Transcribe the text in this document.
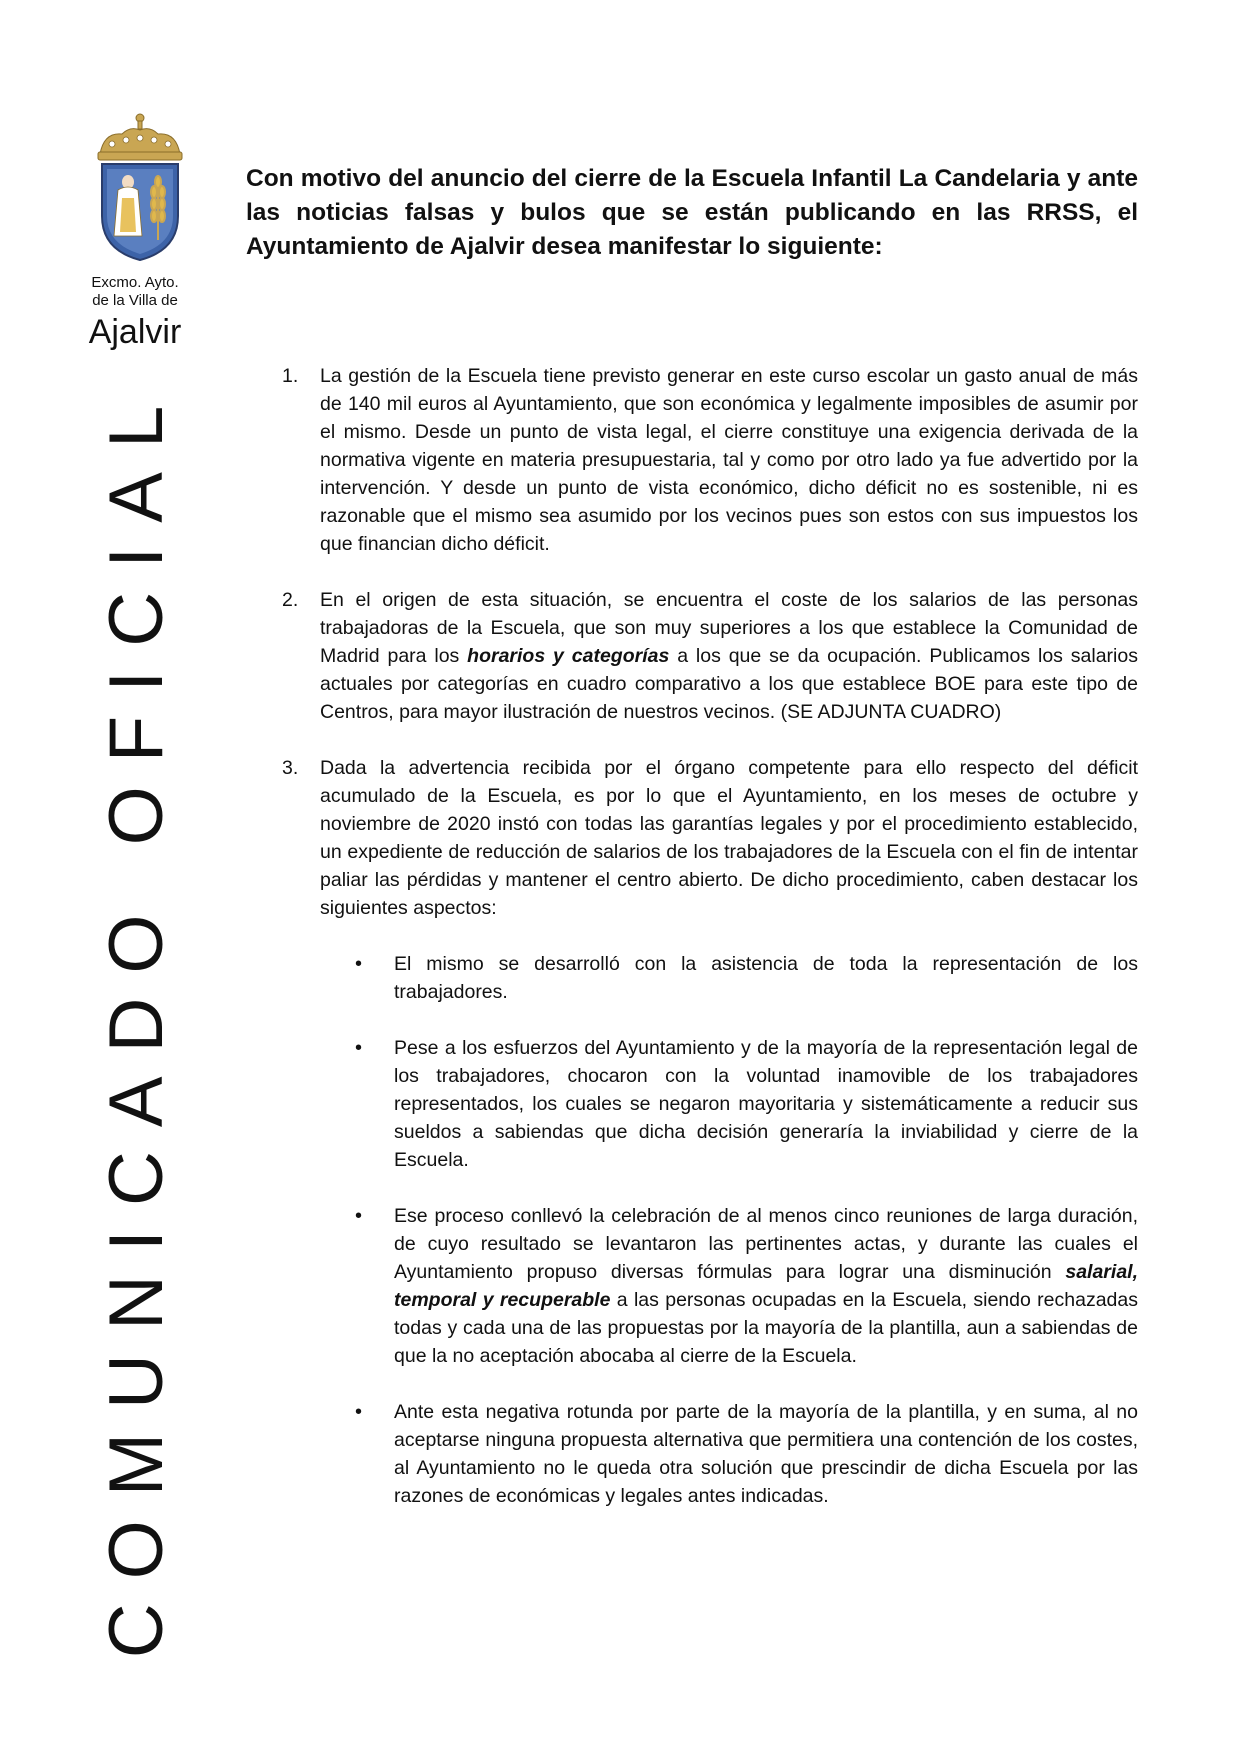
Excmo. Ayto.
de la Villa de
Ajalvir
COMUNICADO OFICIAL
Con motivo del anuncio del cierre de la Escuela Infantil La Candelaria y ante las noticias falsas y bulos que se están publicando en las RRSS, el Ayuntamiento de Ajalvir desea manifestar lo siguiente:
1. La gestión de la Escuela tiene previsto generar en este curso escolar un gasto anual de más de 140 mil euros al Ayuntamiento, que son económica y legalmente imposibles de asumir por el mismo. Desde un punto de vista legal, el cierre constituye una exigencia derivada de la normativa vigente en materia presupuestaria, tal y como por otro lado ya fue advertido por la intervención. Y desde un punto de vista económico, dicho déficit no es sostenible, ni es razonable que el mismo sea asumido por los vecinos pues son estos con sus impuestos los que financian dicho déficit.
2. En el origen de esta situación, se encuentra el coste de los salarios de las personas trabajadoras de la Escuela, que son muy superiores a los que establece la Comunidad de Madrid para los horarios y categorías a los que se da ocupación. Publicamos los salarios actuales por categorías en cuadro comparativo a los que establece BOE para este tipo de Centros, para mayor ilustración de nuestros vecinos. (SE ADJUNTA CUADRO)
3. Dada la advertencia recibida por el órgano competente para ello respecto del déficit acumulado de la Escuela, es por lo que el Ayuntamiento, en los meses de octubre y noviembre de 2020 instó con todas las garantías legales y por el procedimiento establecido, un expediente de reducción de salarios de los trabajadores de la Escuela con el fin de intentar paliar las pérdidas y mantener el centro abierto. De dicho procedimiento, caben destacar los siguientes aspectos:
• El mismo se desarrolló con la asistencia de toda la representación de los trabajadores.
• Pese a los esfuerzos del Ayuntamiento y de la mayoría de la representación legal de los trabajadores, chocaron con la voluntad inamovible de los trabajadores representados, los cuales se negaron mayoritaria y sistemáticamente a reducir sus sueldos a sabiendas que dicha decisión generaría la inviabilidad y cierre de la Escuela.
• Ese proceso conllevó la celebración de al menos cinco reuniones de larga duración, de cuyo resultado se levantaron las pertinentes actas, y durante las cuales el Ayuntamiento propuso diversas fórmulas para lograr una disminución salarial, temporal y recuperable a las personas ocupadas en la Escuela, siendo rechazadas todas y cada una de las propuestas por la mayoría de la plantilla, aun a sabiendas de que la no aceptación abocaba al cierre de la Escuela.
• Ante esta negativa rotunda por parte de la mayoría de la plantilla, y en suma, al no aceptarse ninguna propuesta alternativa que permitiera una contención de los costes, al Ayuntamiento no le queda otra solución que prescindir de dicha Escuela por las razones de económicas y legales antes indicadas.
